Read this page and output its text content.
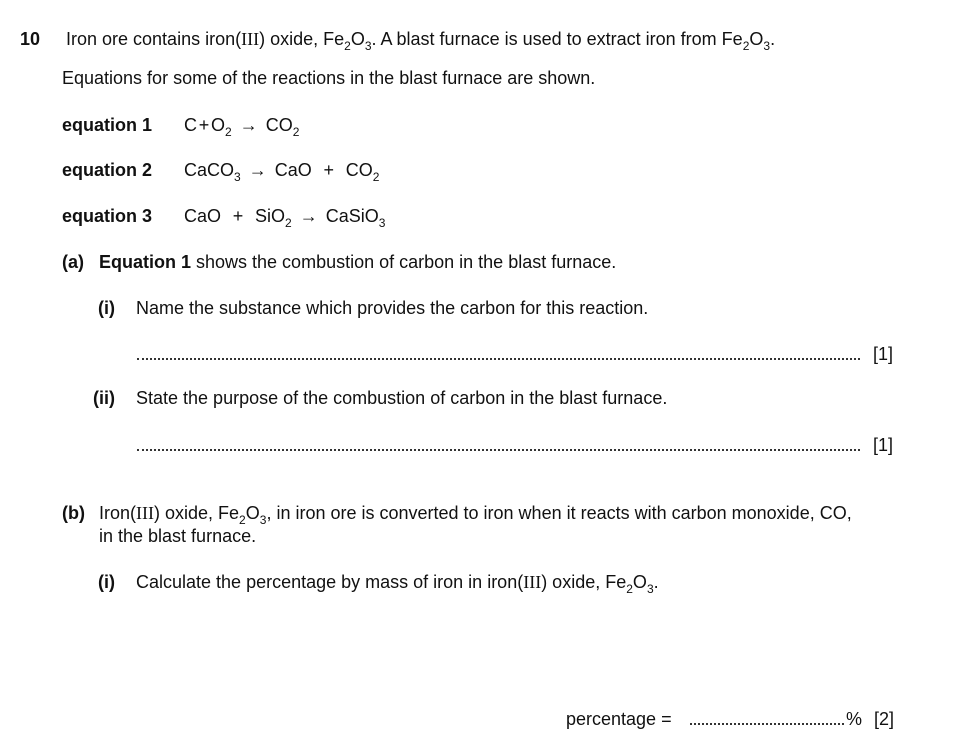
10 Iron ore contains iron(III) oxide, $Fe_2O_3$. A blast furnace is used to extract iron from $Fe_2O_3$.
Equations for some of the reactions in the blast furnace are shown.
equation 1 $C+O_2 \to CO_2$
equation 2 CaCO$_3$ → CaO + $CO_2$
equation 3 CaO + SiO$_2$ → CaSiO$_3$
(a) Equation 1 shows the combustion of carbon in the blast furnace.
(i) Name the substance which provides the carbon for this reaction.
[1]
(ii) State the purpose of the combustion of carbon in the blast furnace.
[1]
(b) Iron(III) oxide, $Fe_2O_3$, in iron ore is converted to iron when it reacts with carbon monoxide, CO,
in the blast furnace.
(i) Calculate the percentage by mass of iron in iron(III) oxide, $Fe_2O_3$.
percentage =	% [2]
